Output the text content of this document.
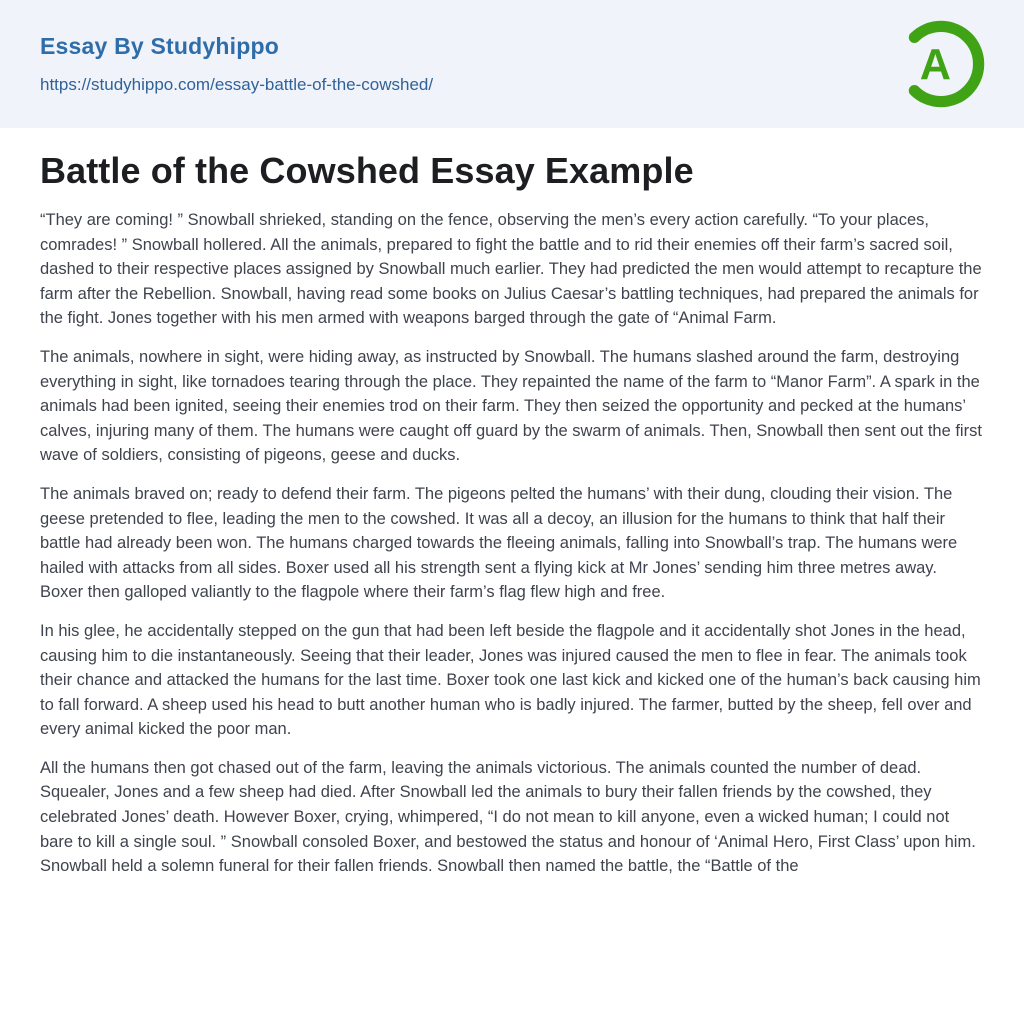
Essay By Studyhippo
https://studyhippo.com/essay-battle-of-the-cowshed/	A
Battle of the Cowshed Essay Example

“They are coming! ” Snowball shrieked, standing on the fence, observing the men’s every action carefully. “To your places, comrades! ” Snowball hollered. All the animals, prepared to fight the battle and to rid their enemies off their farm’s sacred soil, dashed to their respective places assigned by Snowball much earlier. They had predicted the men would attempt to recapture the farm after the Rebellion. Snowball, having read some books on Julius Caesar’s battling techniques, had prepared the animals for the fight. Jones together with his men armed with weapons barged through the gate of “Animal Farm.

The animals, nowhere in sight, were hiding away, as instructed by Snowball. The humans slashed around the farm, destroying everything in sight, like tornadoes tearing through the place. They repainted the name of the farm to “Manor Farm”. A spark in the animals had been ignited, seeing their enemies trod on their farm. They then seized the opportunity and pecked at the humans’ calves, injuring many of them. The humans were caught off guard by the swarm of animals. Then, Snowball then sent out the first wave of soldiers, consisting of pigeons, geese and ducks.

The animals braved on; ready to defend their farm. The pigeons pelted the humans’ with their dung, clouding their vision. The geese pretended to flee, leading the men to the cowshed. It was all a decoy, an illusion for the humans to think that half their battle had already been won. The humans charged towards the fleeing animals, falling into Snowball’s trap. The humans were hailed with attacks from all sides. Boxer used all his strength sent a flying kick at Mr Jones’ sending him three metres away. Boxer then galloped valiantly to the flagpole where their farm’s flag flew high and free.

In his glee, he accidentally stepped on the gun that had been left beside the flagpole and it accidentally shot Jones in the head, causing him to die instantaneously. Seeing that their leader, Jones was injured caused the men to flee in fear. The animals took their chance and attacked the humans for the last time. Boxer took one last kick and kicked one of the human’s back causing him to fall forward. A sheep used his head to butt another human who is badly injured. The farmer, butted by the sheep, fell over and every animal kicked the poor man.

All the humans then got chased out of the farm, leaving the animals victorious. The animals counted the number of dead. Squealer, Jones and a few sheep had died. After Snowball led the animals to bury their fallen friends by the cowshed, they celebrated Jones’ death. However Boxer, crying, whimpered, “I do not mean to kill anyone, even a wicked human; I could not bare to kill a single soul. ” Snowball consoled Boxer, and bestowed the status and honour of ‘Animal Hero, First Class’ upon him. Snowball held a solemn funeral for their fallen friends. Snowball then named the battle, the “Battle of the
